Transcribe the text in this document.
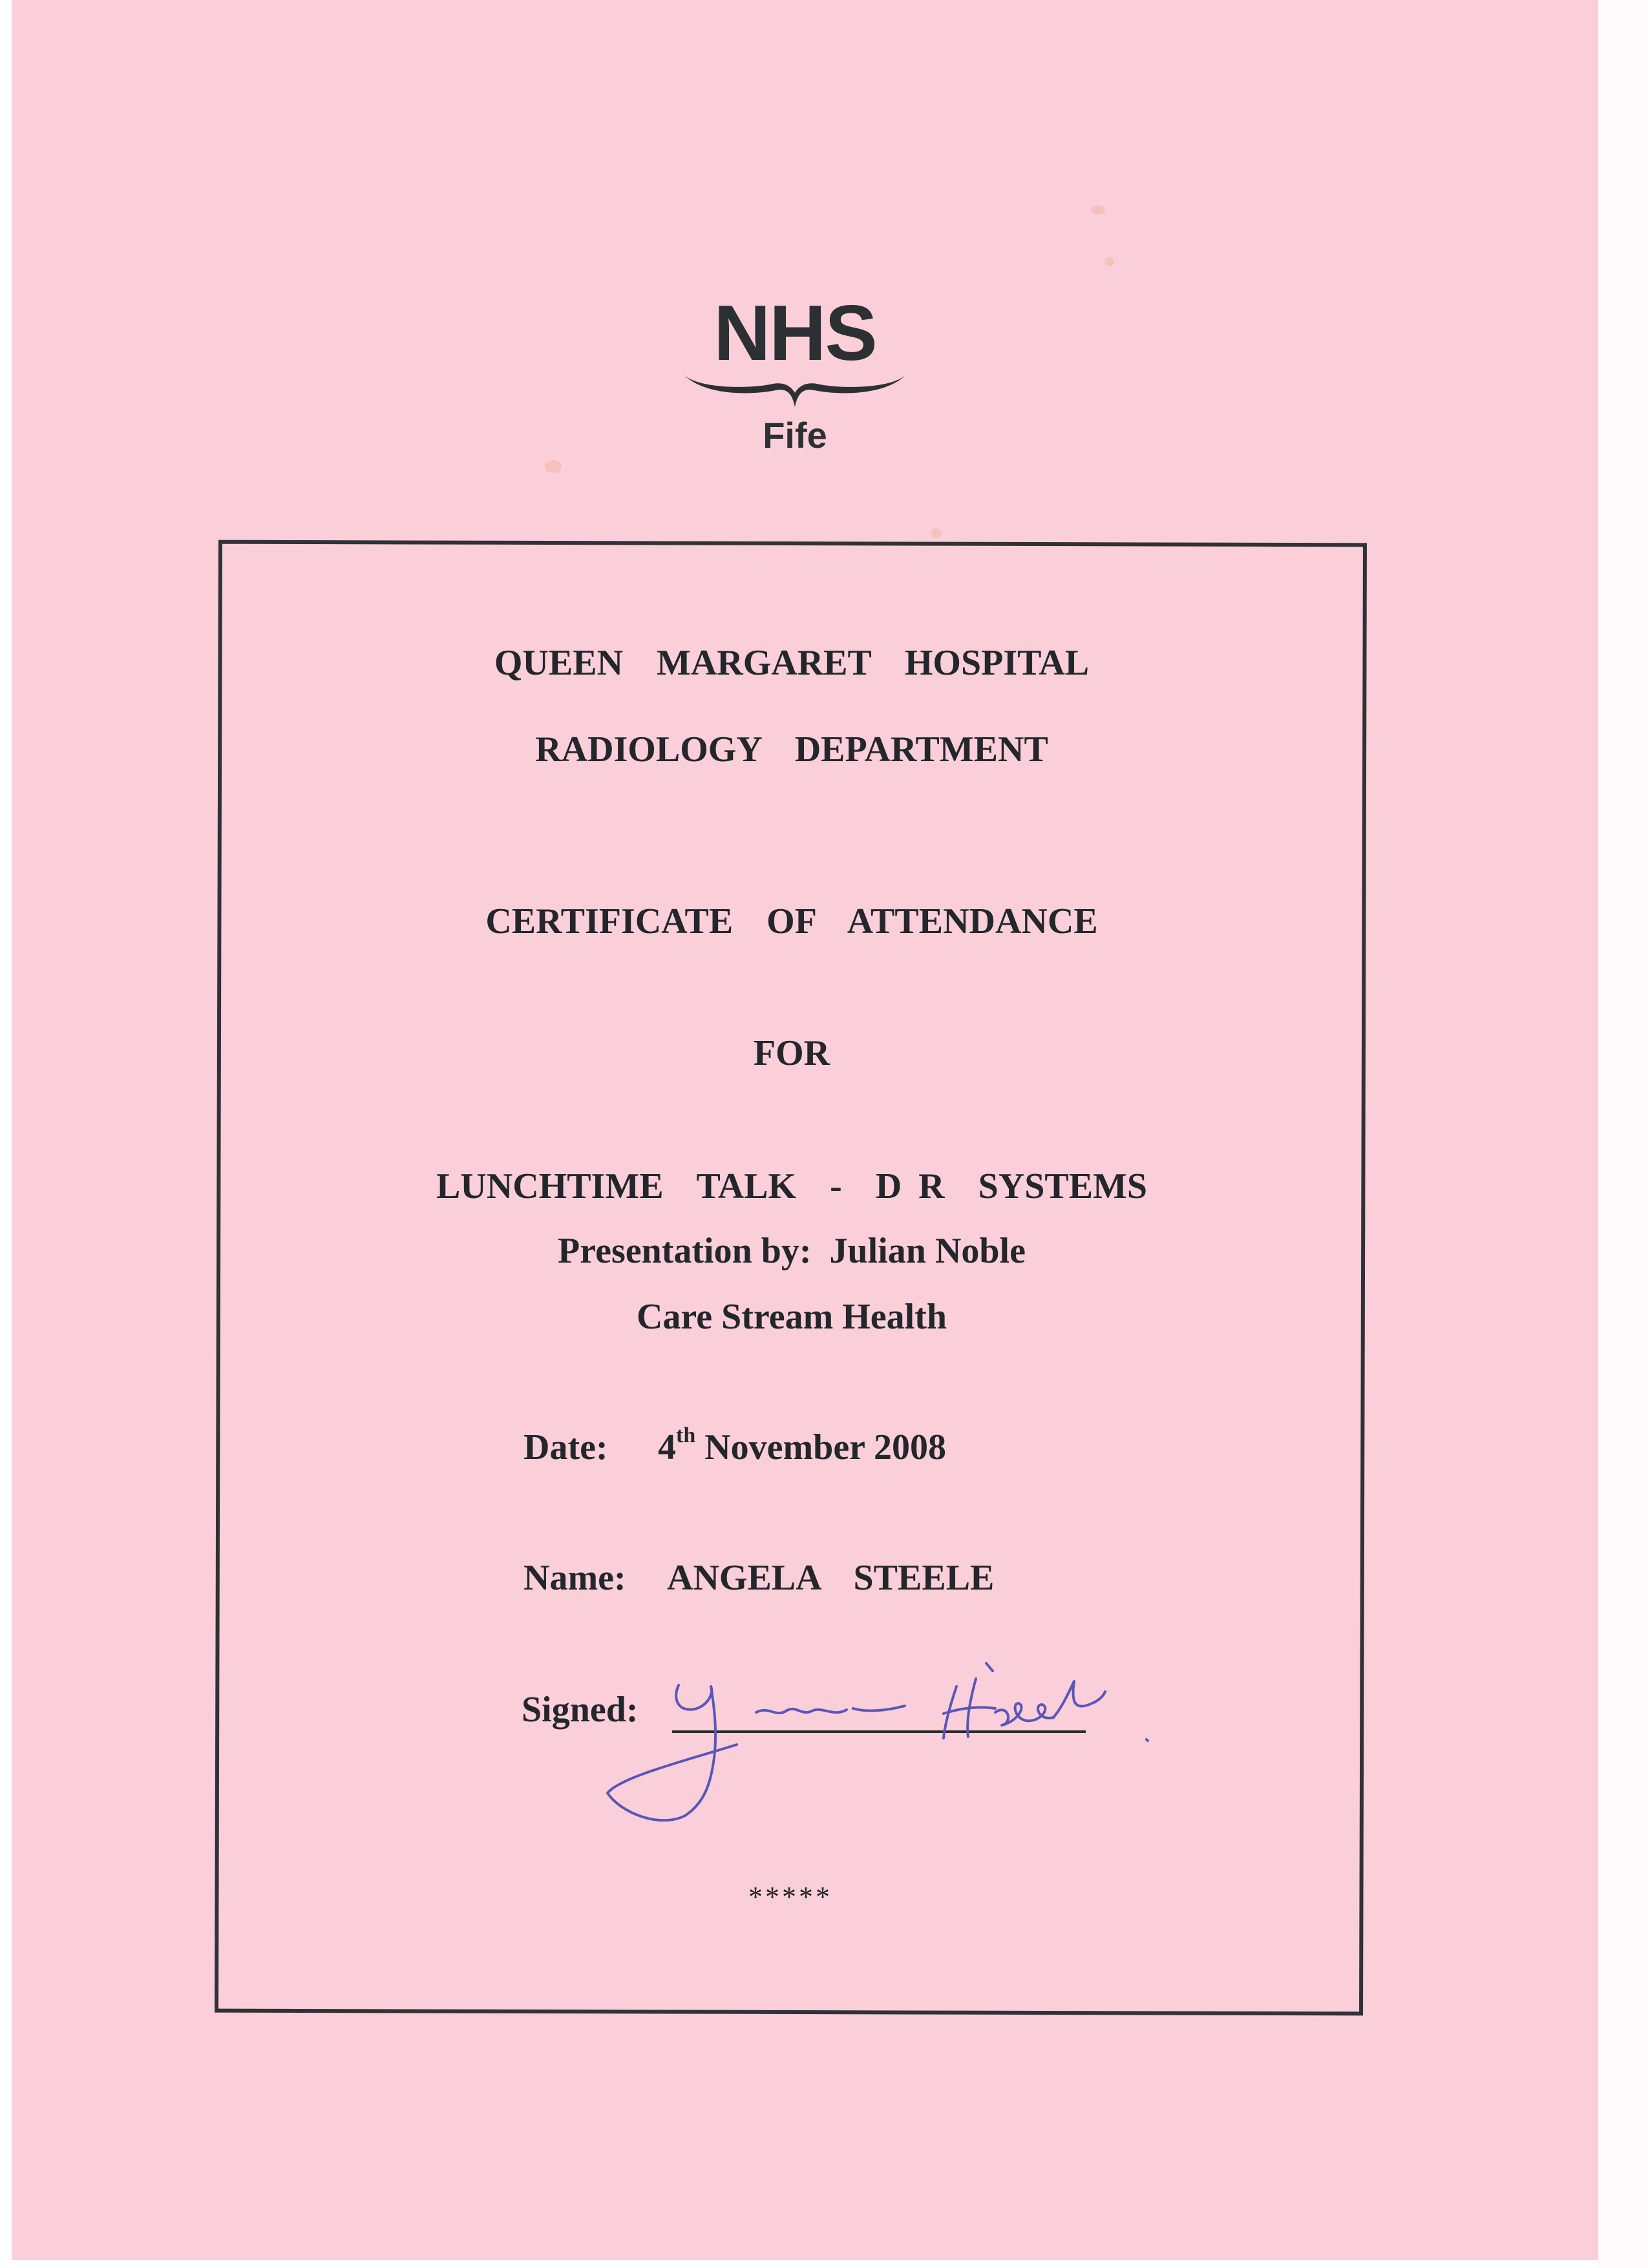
NHS
Fife
QUEEN  MARGARET  HOSPITAL
RADIOLOGY  DEPARTMENT
CERTIFICATE  OF  ATTENDANCE
FOR
LUNCHTIME  TALK  -  D R  SYSTEMS
Presentation by:  Julian Noble
Care Stream Health
Date: 4th November 2008
Name: ANGELA  STEELE
Signed:
*****
